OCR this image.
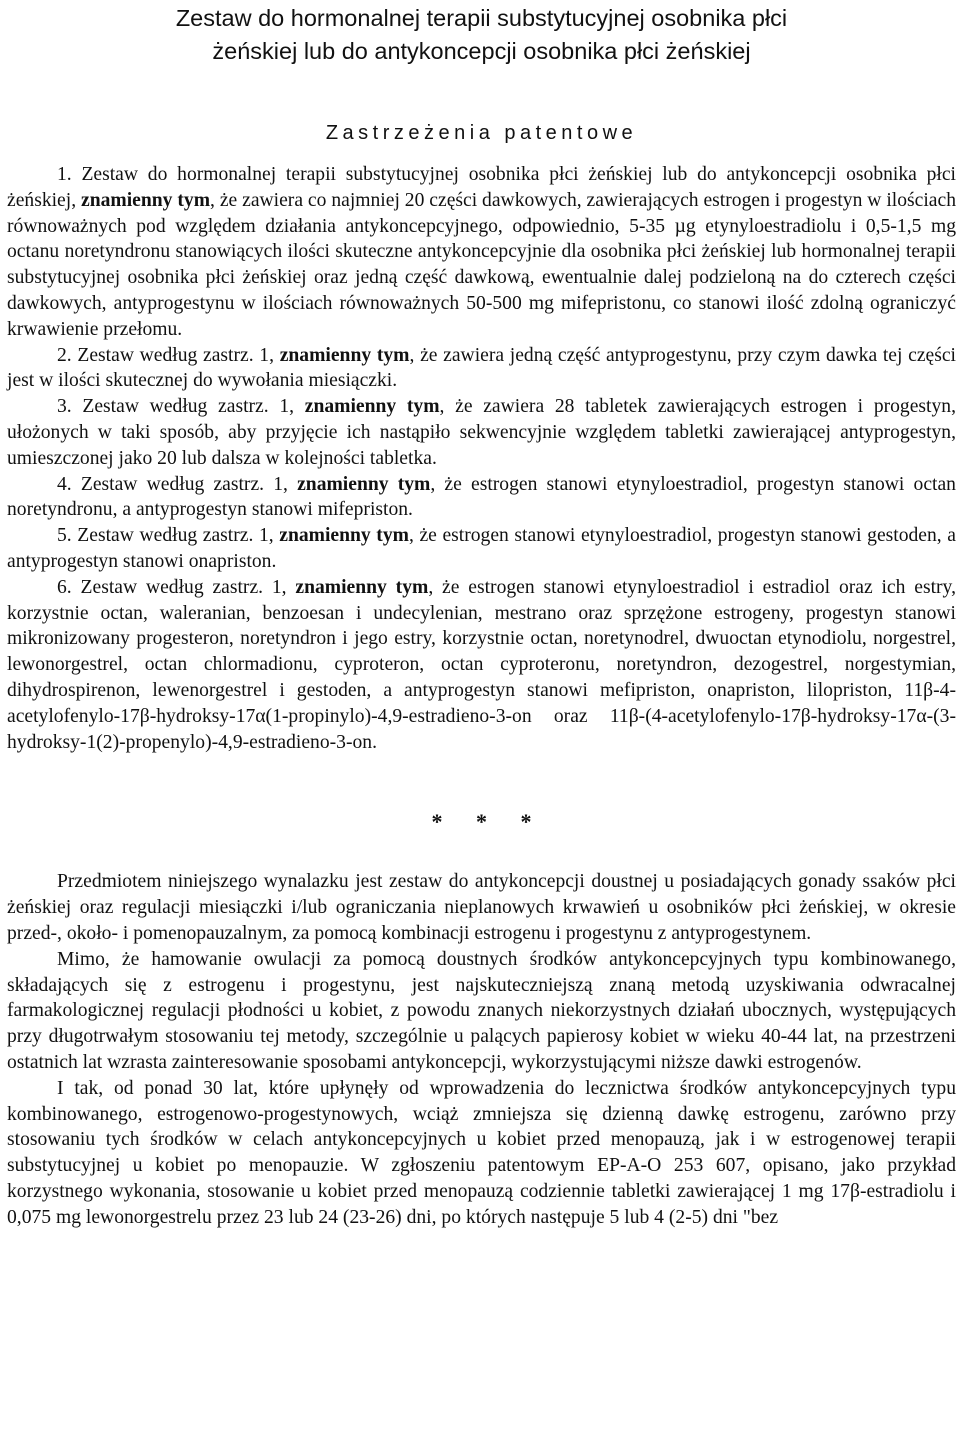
Zestaw do hormonalnej terapii substytucyjnej osobnika płci
żeńskiej lub do antykoncepcji osobnika płci żeńskiej
Zastrzeżenia patentowe

1. Zestaw do hormonalnej terapii substytucyjnej osobnika płci żeńskiej lub do antykoncepcji osobnika płci żeńskiej, znamienny tym, że zawiera co najmniej 20 części dawkowych, zawierających estrogen i progestyn w ilościach równoważnych pod względem działania antykoncepcyjnego, odpowiednio, 5-35 µg etynyloestradiolu i 0,5-1,5 mg octanu noretyndronu stanowiących ilości skuteczne antykoncepcyjnie dla osobnika płci żeńskiej lub hormonalnej terapii substytucyjnej osobnika płci żeńskiej oraz jedną część dawkową, ewentualnie dalej podzieloną na do czterech części dawkowych, antyprogestynu w ilościach równoważnych 50-500 mg mifepristonu, co stanowi ilość zdolną ograniczyć krwawienie przełomu.

2. Zestaw według zastrz. 1, znamienny tym, że zawiera jedną część antyprogestynu, przy czym dawka tej części jest w ilości skutecznej do wywołania miesiączki.

3. Zestaw według zastrz. 1, znamienny tym, że zawiera 28 tabletek zawierających estrogen i progestyn, ułożonych w taki sposób, aby przyjęcie ich nastąpiło sekwencyjnie względem tabletki zawierającej antyprogestyn, umieszczonej jako 20 lub dalsza w kolejności tabletka.

4. Zestaw według zastrz. 1, znamienny tym, że estrogen stanowi etynyloestradiol, progestyn stanowi octan noretyndronu, a antyprogestyn stanowi mifepriston.

5. Zestaw według zastrz. 1, znamienny tym, że estrogen stanowi etynyloestradiol, progestyn stanowi gestoden, a antyprogestyn stanowi onapriston.

6. Zestaw według zastrz. 1, znamienny tym, że estrogen stanowi etynyloestradiol i estradiol oraz ich estry, korzystnie octan, waleranian, benzoesan i undecylenian, mestrano oraz sprzężone estrogeny, progestyn stanowi mikronizowany progesteron, noretyndron i jego estry, korzystnie octan, noretynodrel, dwuoctan etynodiolu, norgestrel, lewonorgestrel, octan chlormadionu, cyproteron, octan cyproteronu, noretyndron, dezogestrel, norgestymian, dihydrospirenon, lewenorgestrel i gestoden, a antyprogestyn stanowi mefipriston, onapriston, lilopriston, 11β-4-acetylofenylo-17β-hydroksy-17α(1-propinylo)-4,9-estradieno-3-on oraz 11β-(4-acetylofenylo-17β-hydroksy-17α-(3-hydroksy-1(2)-propenylo)-4,9-estradieno-3-on.

* * *

Przedmiotem niniejszego wynalazku jest zestaw do antykoncepcji doustnej u posiadających gonady ssaków płci żeńskiej oraz regulacji miesiączki i/lub ograniczania nieplanowych krwawień u osobników płci żeńskiej, w okresie przed-, około- i pomenopauzalnym, za pomocą kombinacji estrogenu i progestynu z antyprogestynem.

Mimo, że hamowanie owulacji za pomocą doustnych środków antykoncepcyjnych typu kombinowanego, składających się z estrogenu i progestynu, jest najskuteczniejszą znaną metodą uzyskiwania odwracalnej farmakologicznej regulacji płodności u kobiet, z powodu znanych niekorzystnych działań ubocznych, występujących przy długotrwałym stosowaniu tej metody, szczególnie u palących papierosy kobiet w wieku 40-44 lat, na przestrzeni ostatnich lat wzrasta zainteresowanie sposobami antykoncepcji, wykorzystującymi niższe dawki estrogenów.

I tak, od ponad 30 lat, które upłynęły od wprowadzenia do lecznictwa środków antykoncepcyjnych typu kombinowanego, estrogenowo-progestynowych, wciąż zmniejsza się dzienną dawkę estrogenu, zarówno przy stosowaniu tych środków w celach antykoncepcyjnych u kobiet przed menopauzą, jak i w estrogenowej terapii substytucyjnej u kobiet po menopauzie. W zgłoszeniu patentowym EP-A-O 253 607, opisano, jako przykład korzystnego wykonania, stosowanie u kobiet przed menopauzą codziennie tabletki zawierającej 1 mg 17β-estradiolu i 0,075 mg lewonorgestrelu przez 23 lub 24 (23-26) dni, po których następuje 5 lub 4 (2-5) dni "bez
